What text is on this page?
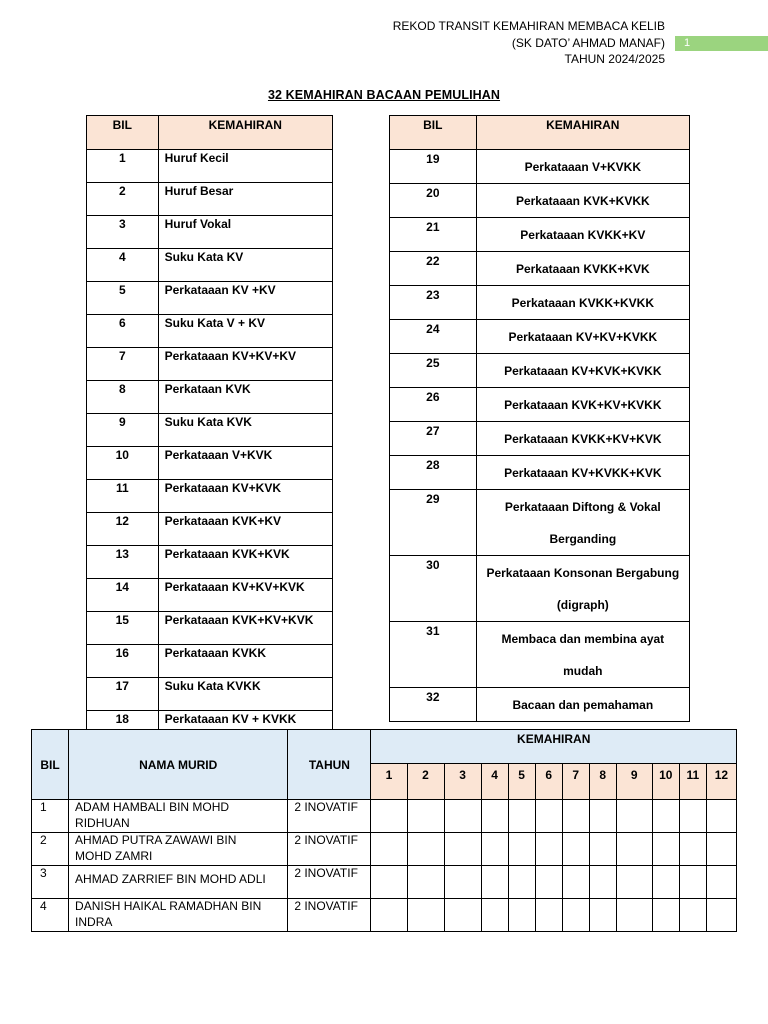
REKOD TRANSIT KEMAHIRAN MEMBACA KELIB
(SK DATO’ AHMAD MANAF)
TAHUN 2024/2025
1
32 KEMAHIRAN BACAAN PEMULIHAN
BIL	KEMAHIRAN
1	Huruf Kecil
2	Huruf Besar
3	Huruf Vokal
4	Suku Kata KV
5	Perkataaan KV +KV
6	Suku Kata V + KV
7	Perkataaan KV+KV+KV
8	Perkataan KVK
9	Suku Kata KVK
10	Perkataaan V+KVK
11	Perkataaan KV+KVK
12	Perkataaan KVK+KV
13	Perkataaan KVK+KVK
14	Perkataaan KV+KV+KVK
15	Perkataaan KVK+KV+KVK
16	Perkataaan KVKK
17	Suku Kata KVKK
18	Perkataaan KV + KVKK
BIL	KEMAHIRAN
19	Perkataaan V+KVKK
20	Perkataaan KVK+KVKK
21	Perkataaan KVKK+KV
22	Perkataaan KVKK+KVK
23	Perkataaan KVKK+KVKK
24	Perkataaan KV+KV+KVKK
25	Perkataaan KV+KVK+KVKK
26	Perkataaan KVK+KV+KVKK
27	Perkataaan KVKK+KV+KVK
28	Perkataaan KV+KVKK+KVK
29	Perkataaan Diftong & Vokal
Berganding

30	Perkataaan Konsonan Bergabung
(digraph)

31	Membaca dan membina ayat
mudah

32	Bacaan dan pemahaman
BIL	NAMA MURID	TAHUN	KEMAHIRAN											
			1	2	3	4	5	6	7	8	9	10	11	12
1	ADAM HAMBALI BIN MOHD
RIDHUAN	2 INOVATIF												
2	AHMAD PUTRA ZAWAWI BIN
MOHD ZAMRI	2 INOVATIF												
3	AHMAD ZARRIEF BIN MOHD ADLI	2 INOVATIF												
4	DANISH HAIKAL RAMADHAN BIN
INDRA	2 INOVATIF												
